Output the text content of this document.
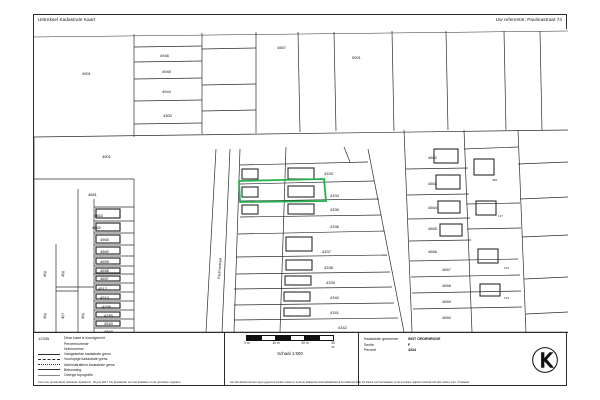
Uittreksel Kadastrale Kaart	Uw referentie: Paulinastraat 74
Paulinastraat
4901
4946
4945
4944
4300
4901
4661
4663
4662
4565
4660
4659
4658
4657
4512
4510
4266
4285
4540
4569
458	458
458	457	459
4567
5901
4333
4334
4335
4336
4337
4338
4339
4340
4341
4342
4662
4663
4664
4665
4666
4667
4668
4669
4660
488
137
219
129
12345	Deze kaart is noordgericht
Perceelnummer
Huisnummer
Vastgestelde kadastrale grens
Voorlopige kadastrale grens
Administratieve kadastrale grens
Bebouwing
Overige topografie
Voor een eensluidend uittreksel, Apeldoorn, 18 juni 2017. De bewaarder van het kadaster en de openbare registers
0 m	10 m	20 m	30 m
Schaal 1:500
Kadastrale gemeente	SINT OEDENRODE
Sectie	F
Perceel	4334
Aan dit uittreksel kunnen geen gegevens worden ontleend, tenzij de afwijkende betrouwbaarheid uit het uittreksel blijkt. De Dienst voor het kadaster en de openbare registers behoudt zich alle rechten voor. © Kadaster.
